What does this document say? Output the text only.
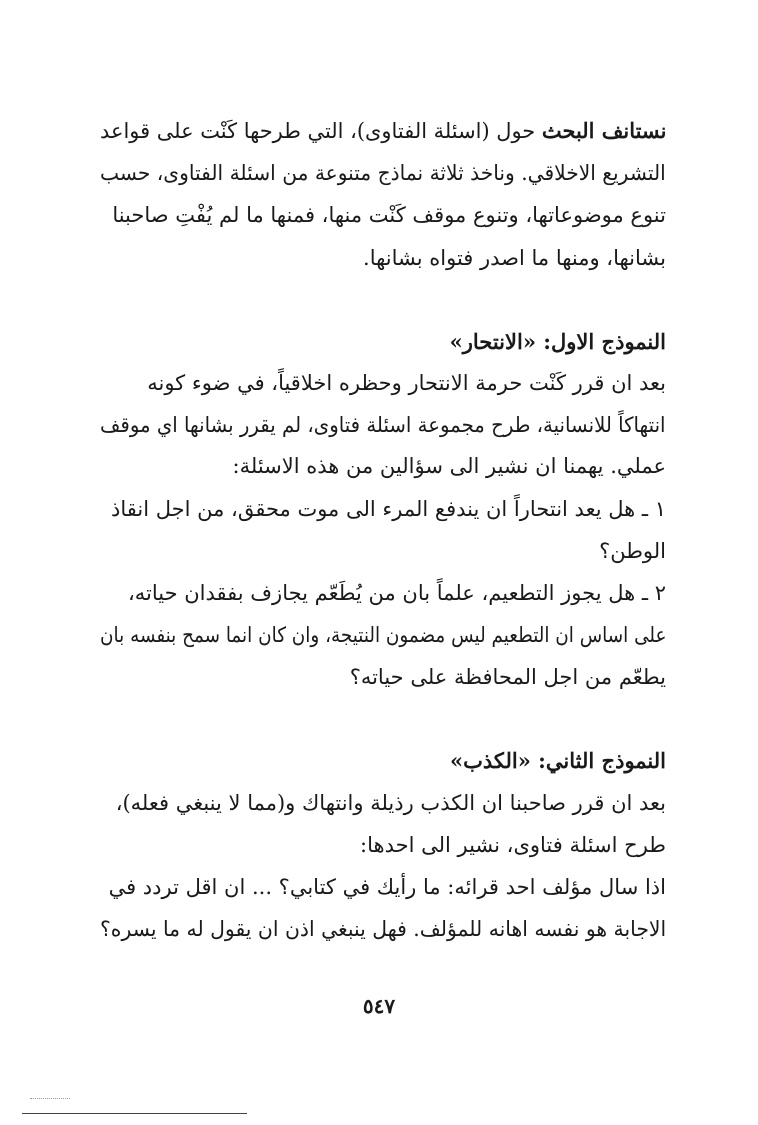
نستانف البحث حول (اسئلة الفتاوى)، التي طرحها كَنْت على قواعد
التشريع الاخلاقي. وناخذ ثلاثة نماذج متنوعة من اسئلة الفتاوى، حسب
تنوع موضوعاتها، وتنوع موقف كَنْت منها، فمنها ما لم يُفْتِ صاحبنا
بشانها، ومنها ما اصدر فتواه بشانها.
النموذج الاول: «الانتحار»
بعد ان قرر كَنْت حرمة الانتحار وحظره اخلاقياً، في ضوء كونه
انتهاكاً للانسانية، طرح مجموعة اسئلة فتاوى، لم يقرر بشانها اي موقف
عملي. يهمنا ان نشير الى سؤالين من هذه الاسئلة:
١ ـ هل يعد انتحاراً ان يندفع المرء الى موت محقق، من اجل انقاذ
الوطن؟
٢ ـ هل يجوز التطعيم، علماً بان من يُطَعّم يجازف بفقدان حياته،
على اساس ان التطعيم ليس مضمون النتيجة، وان كان انما سمح بنفسه بان
يطعّم من اجل المحافظة على حياته؟
النموذج الثاني: «الكذب»
بعد ان قرر صاحبنا ان الكذب رذيلة وانتهاك و(مما لا ينبغي فعله)،
طرح اسئلة فتاوى، نشير الى احدها:
اذا سال مؤلف احد قرائه: ما رأيك في كتابي؟ ... ان اقل تردد في
الاجابة هو نفسه اهانه للمؤلف. فهل ينبغي اذن ان يقول له ما يسره؟
٥٤٧
